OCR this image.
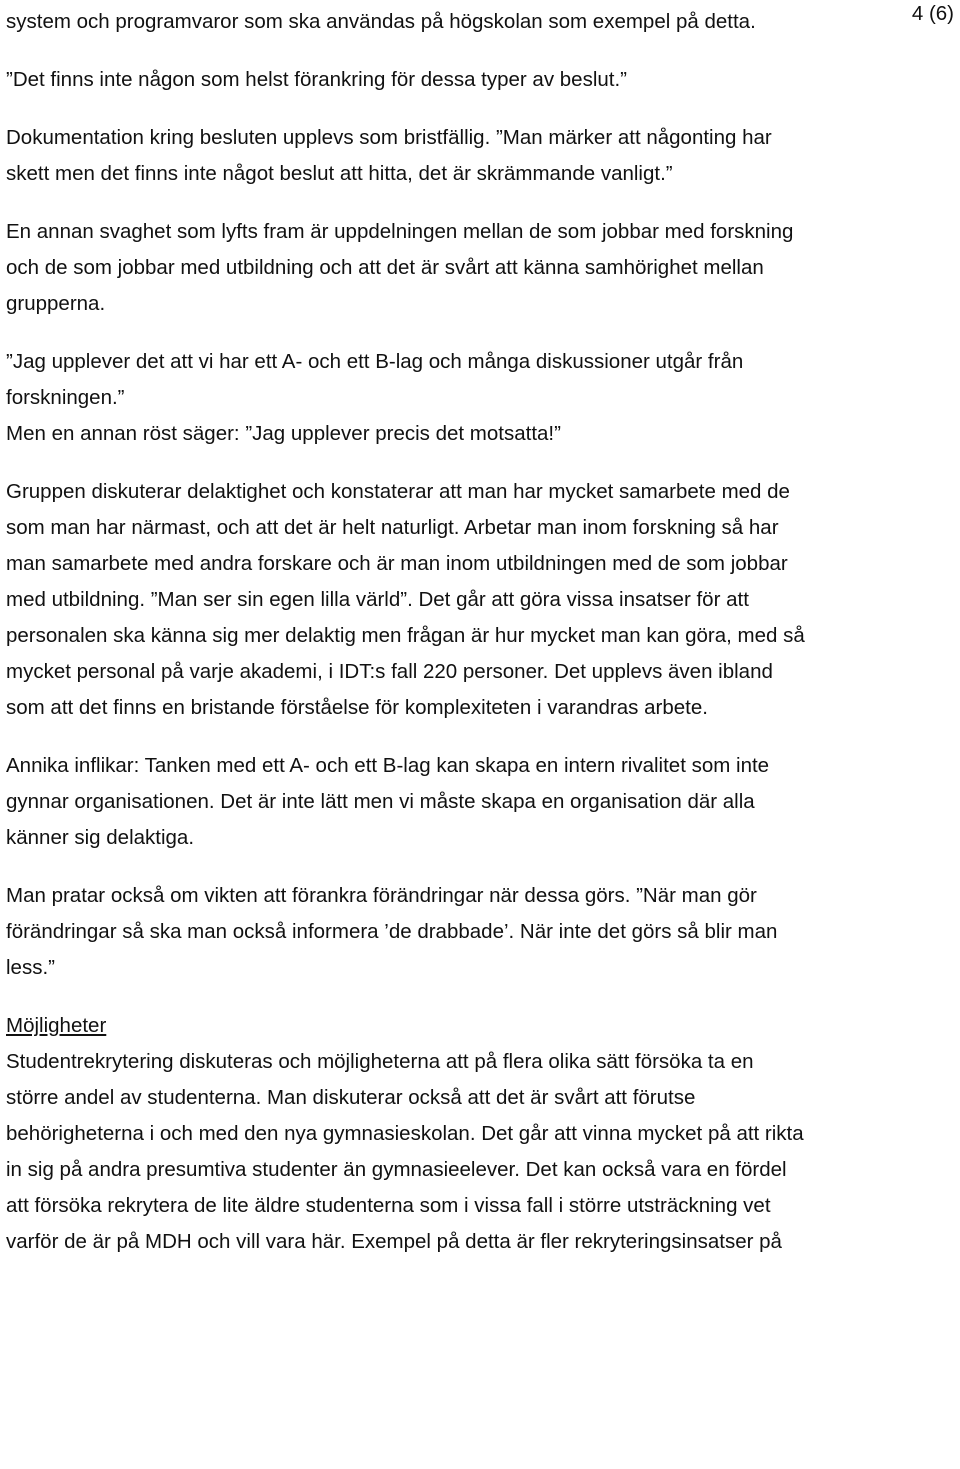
4 (6)

system och programvaror som ska användas på högskolan som exempel på detta.

”Det finns inte någon som helst förankring för dessa typer av beslut.”

Dokumentation kring besluten upplevs som bristfällig. ”Man märker att någonting har skett men det finns inte något beslut att hitta, det är skrämmande vanligt.”

En annan svaghet som lyfts fram är uppdelningen mellan de som jobbar med forskning och de som jobbar med utbildning och att det är svårt att känna samhörighet mellan grupperna.

”Jag upplever det att vi har ett A- och ett B-lag och många diskussioner utgår från forskningen.”

Men en annan röst säger: ”Jag upplever precis det motsatta!”

Gruppen diskuterar delaktighet och konstaterar att man har mycket samarbete med de som man har närmast, och att det är helt naturligt. Arbetar man inom forskning så har man samarbete med andra forskare och är man inom utbildningen med de som jobbar med utbildning. ”Man ser sin egen lilla värld”. Det går att göra vissa insatser för att personalen ska känna sig mer delaktig men frågan är hur mycket man kan göra, med så mycket personal på varje akademi, i IDT:s fall 220 personer. Det upplevs även ibland som att det finns en bristande förståelse för komplexiteten i varandras arbete.

Annika inflikar: Tanken med ett A- och ett B-lag kan skapa en intern rivalitet som inte gynnar organisationen. Det är inte lätt men vi måste skapa en organisation där alla känner sig delaktiga.

Man pratar också om vikten att förankra förändringar när dessa görs. ”När man gör förändringar så ska man också informera ’de drabbade’. När inte det görs så blir man less.”

Möjligheter

Studentrekrytering diskuteras och möjligheterna att på flera olika sätt försöka ta en större andel av studenterna. Man diskuterar också att det är svårt att förutse behörigheterna i och med den nya gymnasieskolan. Det går att vinna mycket på att rikta in sig på andra presumtiva studenter än gymnasieelever. Det kan också vara en fördel att försöka rekrytera de lite äldre studenterna som i vissa fall i större utsträckning vet varför de är på MDH och vill vara här. Exempel på detta är fler rekryteringsinsatser på
